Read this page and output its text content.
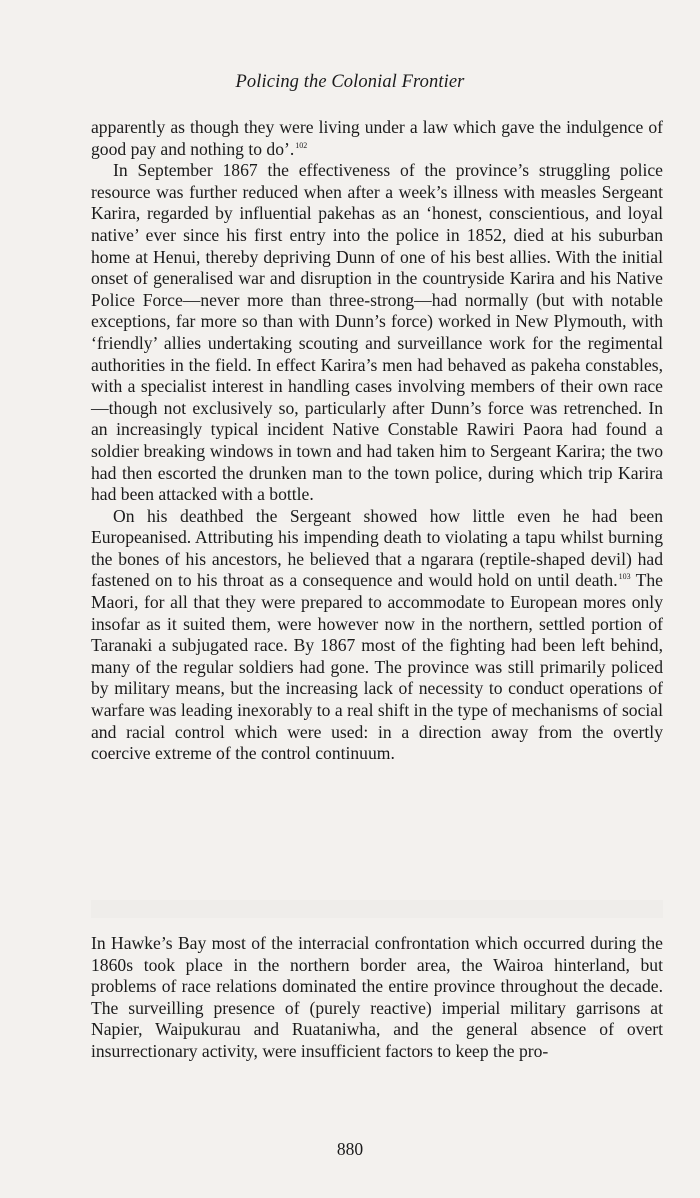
Policing the Colonial Frontier

apparently as though they were living under a law which gave the indulgence of good pay and nothing to do’.$^{102}$

In September 1867 the effectiveness of the province’s struggling police resource was further reduced when after a week’s illness with measles Sergeant Karira, regarded by influential pakehas as an ‘honest, conscientious, and loyal native’ ever since his first entry into the police in 1852, died at his suburban home at Henui, thereby depriving Dunn of one of his best allies. With the initial onset of generalised war and disruption in the countryside Karira and his Native Police Force—never more than three-strong—had normally (but with notable exceptions, far more so than with Dunn’s force) worked in New Plymouth, with ‘friendly’ allies undertaking scouting and surveillance work for the regimental authorities in the field. In effect Karira’s men had behaved as pakeha constables, with a specialist interest in handling cases involving members of their own race—though not exclusively so, particularly after Dunn’s force was retrenched. In an increasingly typical incident Native Constable Rawiri Paora had found a soldier breaking windows in town and had taken him to Sergeant Karira; the two had then escorted the drunken man to the town police, during which trip Karira had been attacked with a bottle.

On his deathbed the Sergeant showed how little even he had been Europeanised. Attributing his impending death to violating a tapu whilst burning the bones of his ancestors, he believed that a ngarara (reptile-shaped devil) had fastened on to his throat as a consequence and would hold on until death.$^{103}$ The Maori, for all that they were prepared to accommodate to European mores only insofar as it suited them, were however now in the northern, settled portion of Taranaki a subjugated race. By 1867 most of the fighting had been left behind, many of the regular soldiers had gone. The province was still primarily policed by military means, but the increasing lack of necessity to conduct operations of warfare was leading inexorably to a real shift in the type of mechanisms of social and racial control which were used: in a direction away from the overtly coercive extreme of the control continuum.

In Hawke’s Bay most of the interracial confrontation which occurred during the 1860s took place in the northern border area, the Wairoa hinterland, but problems of race relations dominated the entire province throughout the decade. The surveilling presence of (purely reactive) imperial military garrisons at Napier, Waipukurau and Ruataniwha, and the general absence of overt insurrectionary activity, were insufficient factors to keep the pro-

880
